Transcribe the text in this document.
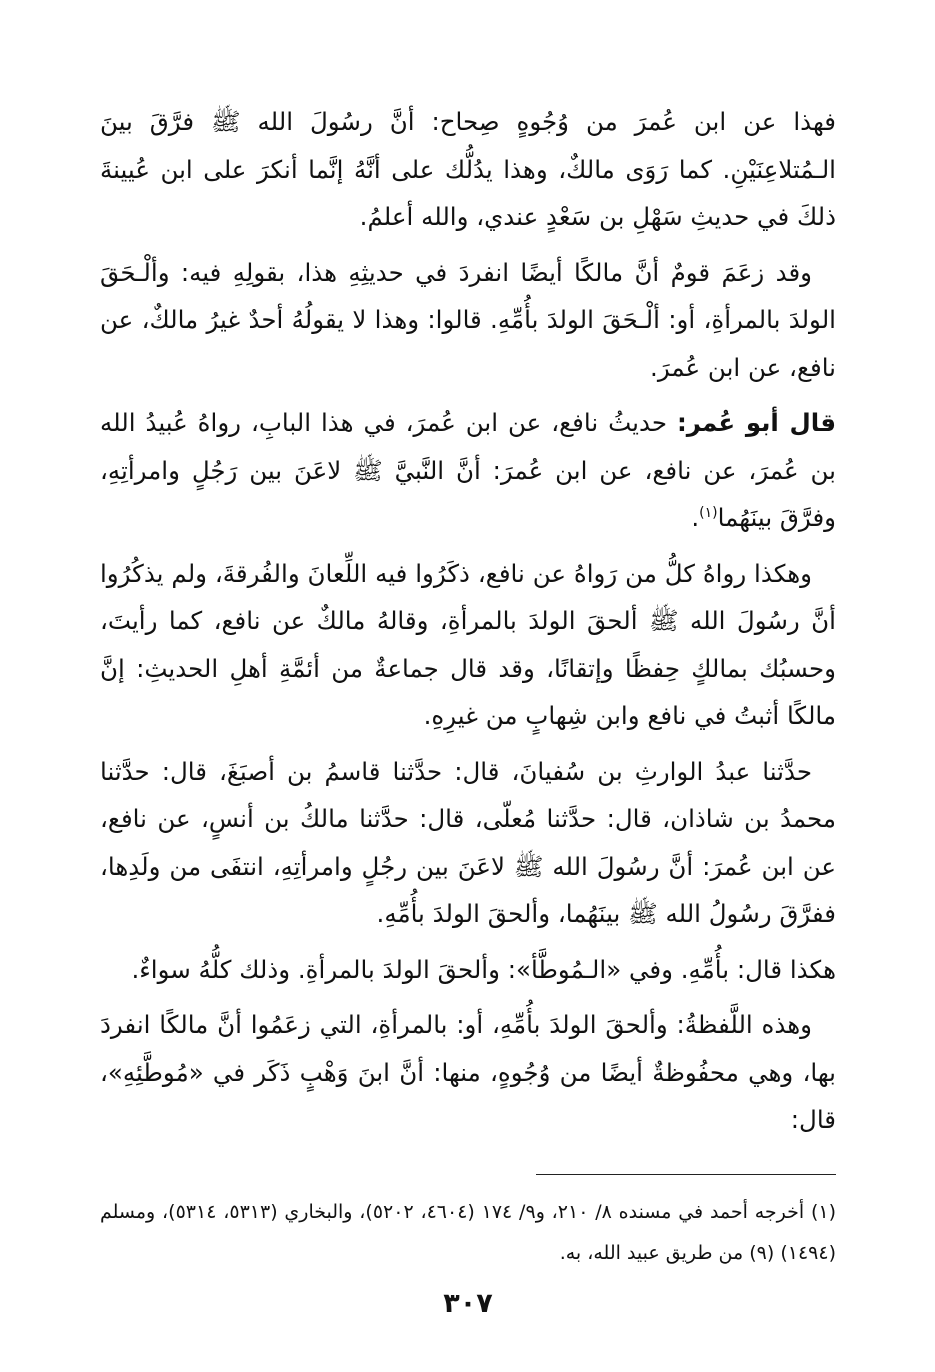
فهذا عن ابن عُمرَ من وُجُوهٍ صِحاح: أنَّ رسُولَ الله ﷺ فرَّقَ بينَ الـمُتلاعِنَيْنِ. كما رَوَى مالكٌ، وهذا يدُلُّك على أنَّهُ إنَّما أنكرَ على ابن عُيينةَ ذلكَ في حديثِ سَهْلِ بن سَعْدٍ عندي، والله أعلمُ.

وقد زعَمَ قومٌ أنَّ مالكًا أيضًا انفردَ في حديثِهِ هذا، بقولِهِ فيه: وألْـحَقَ الولدَ بالمرأةِ، أو: ألْـحَقَ الولدَ بأُمِّهِ. قالوا: وهذا لا يقولُهُ أحدٌ غيرُ مالكٌ، عن نافع، عن ابن عُمرَ.

قال أبو عُمر: حديثُ نافع، عن ابن عُمرَ، في هذا البابِ، رواهُ عُبيدُ الله بن عُمرَ، عن نافع، عن ابن عُمرَ: أنَّ النَّبيَّ ﷺ لاعَنَ بين رَجُلٍ وامرأتِهِ، وفرَّقَ بينَهُما$^{(١)}$.

وهكذا رواهُ كلُّ من رَواهُ عن نافع، ذكَرُوا فيه اللِّعانَ والفُرقةَ، ولم يذكُرُوا أنَّ رسُولَ الله ﷺ ألحقَ الولدَ بالمرأةِ، وقالهُ مالكٌ عن نافع، كما رأيتَ، وحسبُك بمالكٍ حِفظًا وإتقانًا، وقد قال جماعةٌ من أئمَّةِ أهلِ الحديثِ: إنَّ مالكًا أثبتُ في نافع وابن شِهابٍ من غيرِهِ.

حدَّثنا عبدُ الوارثِ بن سُفيانَ، قال: حدَّثنا قاسمُ بن أصبَغَ، قال: حدَّثنا محمدُ بن شاذان، قال: حدَّثنا مُعلّى، قال: حدَّثنا مالكُ بن أنسٍ، عن نافع، عن ابن عُمرَ: أنَّ رسُولَ الله ﷺ لاعَنَ بين رجُلٍ وامرأتِهِ، انتفَى من ولَدِها، ففرَّقَ رسُولُ الله ﷺ بينَهُما، وألحقَ الولدَ بأُمِّهِ.

هكذا قال: بأُمِّهِ. وفي «الـمُوطَّأ»: وألحقَ الولدَ بالمرأةِ. وذلك كلُّهُ سواءٌ.

وهذه اللَّفظةُ: وألحقَ الولدَ بأُمِّهِ، أو: بالمرأةِ، التي زعَمُوا أنَّ مالكًا انفردَ بها، وهي محفُوظةٌ أيضًا من وُجُوهٍ، منها: أنَّ ابنَ وَهْبٍ ذَكَر في «مُوطَّئِهِ»، قال:

(١) أخرجه أحمد في مسنده ٨/ ٢١٠، و٩/ ١٧٤ (٤٦٠٤، ٥٢٠٢)، والبخاري (٥٣١٣، ٥٣١٤)، ومسلم (١٤٩٤) (٩) من طريق عبيد الله، به.

٣٠٧
